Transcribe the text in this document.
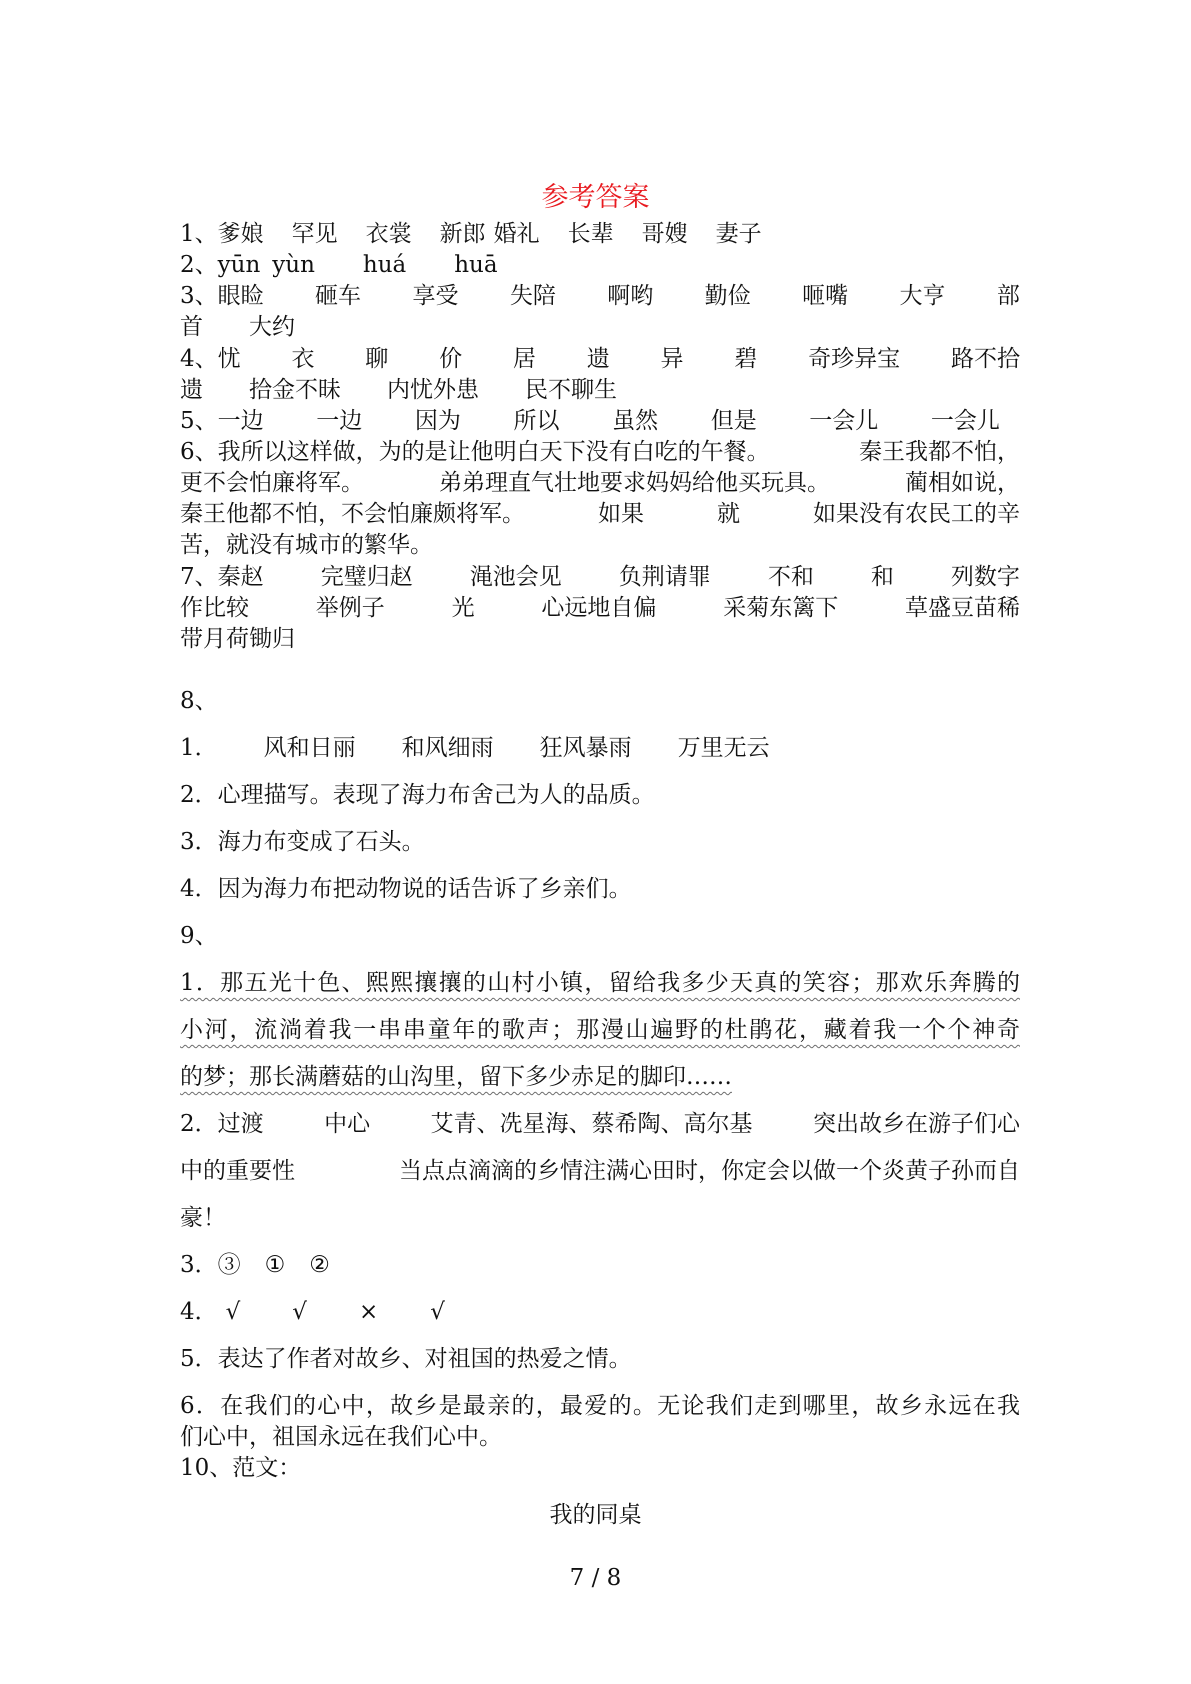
参考答案
1、爹娘 罕见 衣裳 新郎 婚礼 长辈 哥嫂 妻子
2、yūn yùn huá huā
3、眼睑 砸车 享受 失陪 啊哟 勤俭 咂嘴 大亨 部
首 大约
4、忧 衣 聊 价 居 遗 异 碧 奇珍异宝 路不拾
遗 拾金不昧 内忧外患 民不聊生
5、一边 一边 因为 所以 虽然 但是 一会儿 一会儿
6、我所以这样做，为的是让他明白天下没有白吃的午餐。	秦王我都不怕，
更不会怕廉将军。	弟弟理直气壮地要求妈妈给他买玩具。	蔺相如说，
秦王他都不怕，不会怕廉颇将军。	如果	就	如果没有农民工的辛
苦，就没有城市的繁华。
7、秦赵 完璧归赵 渑池会见 负荆请罪 不和 和 列数字
作比较	举例子	光	心远地自偏	采菊东篱下	草盛豆苗稀
带月荷锄归
8、
1． 风和日丽 和风细雨 狂风暴雨 万里无云
2．心理描写。表现了海力布舍己为人的品质。
3．海力布变成了石头。
4．因为海力布把动物说的话告诉了乡亲们。
9、
1．那五光十色、熙熙攘攘的山村小镇，留给我多少天真的笑容；那欢乐奔腾的
小河，流淌着我一串串童年的歌声；那漫山遍野的杜鹃花，藏着我一个个神奇
的梦；那长满蘑菇的山沟里，留下多少赤足的脚印……
2．过渡	中心	艾青、冼星海、蔡希陶、高尔基	突出故乡在游子们心
中的重要性	当点点滴滴的乡情注满心田时，你定会以做一个炎黄子孙而自
豪！
3．③ ① ②
4． √ √ × √
5．表达了作者对故乡、对祖国的热爱之情。
6．在我们的心中，故乡是最亲的，最爱的。无论我们走到哪里，故乡永远在我
们心中，祖国永远在我们心中。
10、范文：
我的同桌
7 / 8
